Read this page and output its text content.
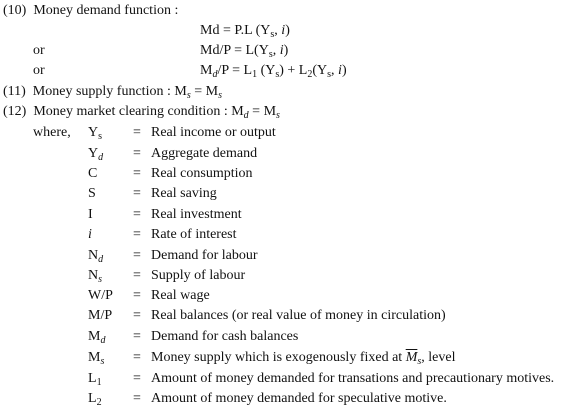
(10) Money demand function :
Md = P.L ($Y_s$, i)
or	$Md/P = L(Y_s$, i)
or	$M_d/P = L_1$ $(Y_s) + L_2(Y_s$, i)
(11)  Money supply function : $M_s = M_s$
(12)  Money market clearing condition : $M_d = M_s$
where, $Y_s$	= Real income or output
$Y_d$	= Aggregate demand
C	= Real consumption
S	= Real saving
I	= Real investment
i	= Rate of interest
$N_d$	= Demand for labour
$N_s$	= Supply of labour
W/P	= Real wage
M/P	= Real balances (or real value of money in circulation)
$M_d$	= Demand for cash balances
$M_s$	= Money supply which is exogenously fixed at $\overline{M}_s$, level
$L_1$	= Amount of money demanded for transations and precautionary motives.
$L_2$	= Amount of money demanded for speculative motive.
